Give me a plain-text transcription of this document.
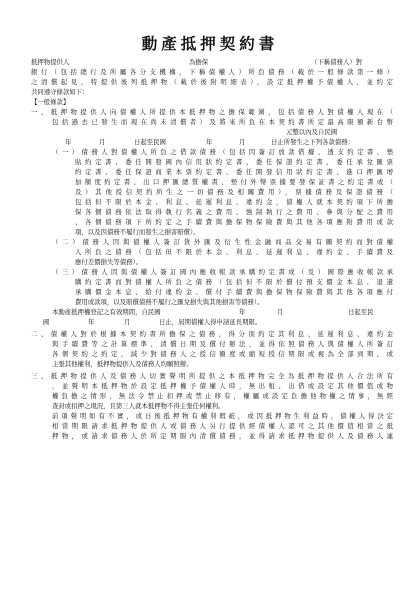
動產抵押契約書
抵押物提供人	為擔保	（下稱債務人）對
銀行（包括總行及所屬各分支機構，下稱債權人）所負債務（載於一般條款第一條）
之清償起見，特提供後列抵押物（載於後附明細表），設定抵押權予債權人，並約定
共同遵守條款如下：
【一般條款】
一、抵押物提供人向債權人所提供本抵押物之擔保範圍，包括債務人對債權人現在（
包括過去已發生而現在尚未清償者）及將來所負在本契約書所定最高限額新台幣
元整以內及自民國
年	月	日起至民國	年	月	日止所發生之下列各款債務：
（一）債務人對債權人所負之借款債務（包括因簽訂放款借據、透支約定書、墊
貼約定書、委任開發國內信用狀約定書、委任保證約定書、委任承兌匯票
約定書、委任保證商業本票約定書、委任開發信用狀約定書、進口押匯增
加額度約定書、出口押匯總質權書、墊付外幣票據要發保証書之約定書或（
及）其他授信契約所生之一切債務及相關費用），票據債務及保證債務（
包括但不限於本金、利息、延遲利息、違約金，債權人就本契約項下所擔
保各個債務依法取得執行名義之費用、強制執行之費用、參與分配之費用
、各個債務項下所約定之手續費與擔保物保險費與其他各項應附費用或款
項，以及因債務不履行而發生之損害賠償）。
（二）債務人因與債權人簽訂貨外匯及衍生性金融商品交易有關契約而對債權
人所負之債務（包括但不限於本金、利息、延遲利息、違約金、手續費及
應付差價損失等債務）。
（三）債務人因與債權人簽訂國內應收帳款承購約定書或（及）國際應收帳款承
購約定書而對債權人所負之債務（包括但不限於償付預支價金本息、退還
承購價金本息、給付違約金、償付手續費與擔保物保險費與其他各項應付
費用或款項，以及賠償債務不履行之匯兌損失與其他損害等債務）。
本動產抵押權登記之有效期間，自民國	年	月	日起至民
國	年	月	日止，屆期債權人得申請延長期限。
二、債權人對於根據本契約書所擔保之債務，得分別約定其利息、延遲利息、違約金
與手續費等之計算標準、清償日期及償付辦法，並得依照債務人與債權人所簽訂
各個契約之約定，減少對債務人之授信額度或縮短授信期限或視為全部到期，或
主張其他權利，抵押物提供人及債務人均願照辦。
三、抵押物提供人及債務人切實聲明所提供之本抵押物完全為抵押物提供人合法所有
，並聲明本抵押物於設定抵押權予債權人時，無出租、出借或設定其他價值或物
權負擔之情形，無法令禁止扣押或禁止移有，權屬或設定負擔他物權之情事，無經
查封或扣押之現況，且第三人就本抵押物不得主張任何權利。
前項聲明如有不實，或日後抵押物有權利瑕疵，或因抵押物生利益時，債權人得決定
相當期限請求抵押物提供人或債務人另行提供經債權人認可之其他價值相當之抵
押物，或請求債務人於所定期限內清償債務，並得請求抵押物提供人及債務人連
